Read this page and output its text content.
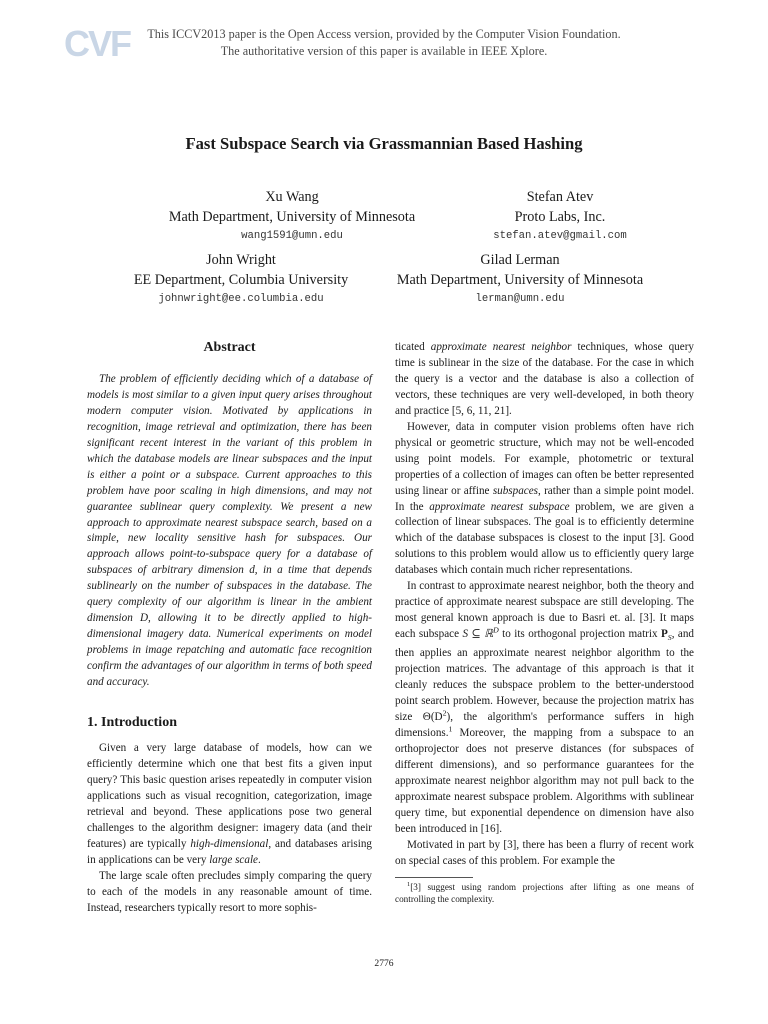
CVF	This ICCV2013 paper is the Open Access version, provided by the Computer Vision Foundation.
The authoritative version of this paper is available in IEEE Xplore.
Fast Subspace Search via Grassmannian Based Hashing
Xu Wang
Math Department, University of Minnesota
wang1591@umn.edu
Stefan Atev
Proto Labs, Inc.
stefan.atev@gmail.com
John Wright
EE Department, Columbia University
johnwright@ee.columbia.edu
Gilad Lerman
Math Department, University of Minnesota
lerman@umn.edu
Abstract

The problem of efficiently deciding which of a database of models is most similar to a given input query arises throughout modern computer vision. Motivated by applications in recognition, image retrieval and optimization, there has been significant recent interest in the variant of this problem in which the database models are linear subspaces and the input is either a point or a subspace. Current approaches to this problem have poor scaling in high dimensions, and may not guarantee sublinear query complexity. We present a new approach to approximate nearest subspace search, based on a simple, new locality sensitive hash for subspaces. Our approach allows point-to-subspace query for a database of subspaces of arbitrary dimension d, in a time that depends sublinearly on the number of subspaces in the database. The query complexity of our algorithm is linear in the ambient dimension D, allowing it to be directly applied to high-dimensional imagery data. Numerical experiments on model problems in image repatching and automatic face recognition confirm the advantages of our algorithm in terms of both speed and accuracy.

1. Introduction

Given a very large database of models, how can we efficiently determine which one that best fits a given input query? This basic question arises repeatedly in computer vision applications such as visual recognition, categorization, image retrieval and beyond. These applications pose two general challenges to the algorithm designer: imagery data (and their features) are typically high-dimensional, and databases arising in applications can be very large scale.

The large scale often precludes simply comparing the query to each of the models in any reasonable amount of time. Instead, researchers typically resort to more sophis-

ticated approximate nearest neighbor techniques, whose query time is sublinear in the size of the database. For the case in which the query is a vector and the database is also a collection of vectors, these techniques are very well-developed, in both theory and practice [5, 6, 11, 21].

However, data in computer vision problems often have rich physical or geometric structure, which may not be well-encoded using point models. For example, photometric or textural properties of a collection of images can often be better represented using linear or affine subspaces, rather than a simple point model. In the approximate nearest subspace problem, we are given a collection of linear subspaces. The goal is to efficiently determine which of the database subspaces is closest to the input [3]. Good solutions to this problem would allow us to efficiently query large databases which contain much richer representations.

In contrast to approximate nearest neighbor, both the theory and practice of approximate nearest subspace are still developing. The most general known approach is due to Basri et. al. [3]. It maps each subspace S ⊆ ℝ$^D$ to its orthogonal projection matrix $P_S$, and then applies an approximate nearest neighbor algorithm to the projection matrices. The advantage of this approach is that it cleanly reduces the subspace problem to the better-understood point search problem. However, because the projection matrix has size $\Theta(D^2)$, the algorithm's performance suffers in high dimensions.$^1$ Moreover, the mapping from a subspace to an orthoprojector does not preserve distances (for subspaces of different dimensions), and so performance guarantees for the approximate nearest neighbor algorithm may not pull back to the approximate nearest subspace problem. Algorithms with sublinear query time, but exponential dependence on dimension have also been introduced in [16].

Motivated in part by [3], there has been a flurry of recent work on special cases of this problem. For example the

$^1$[3] suggest using random projections after lifting as one means of controlling the complexity.

2776
